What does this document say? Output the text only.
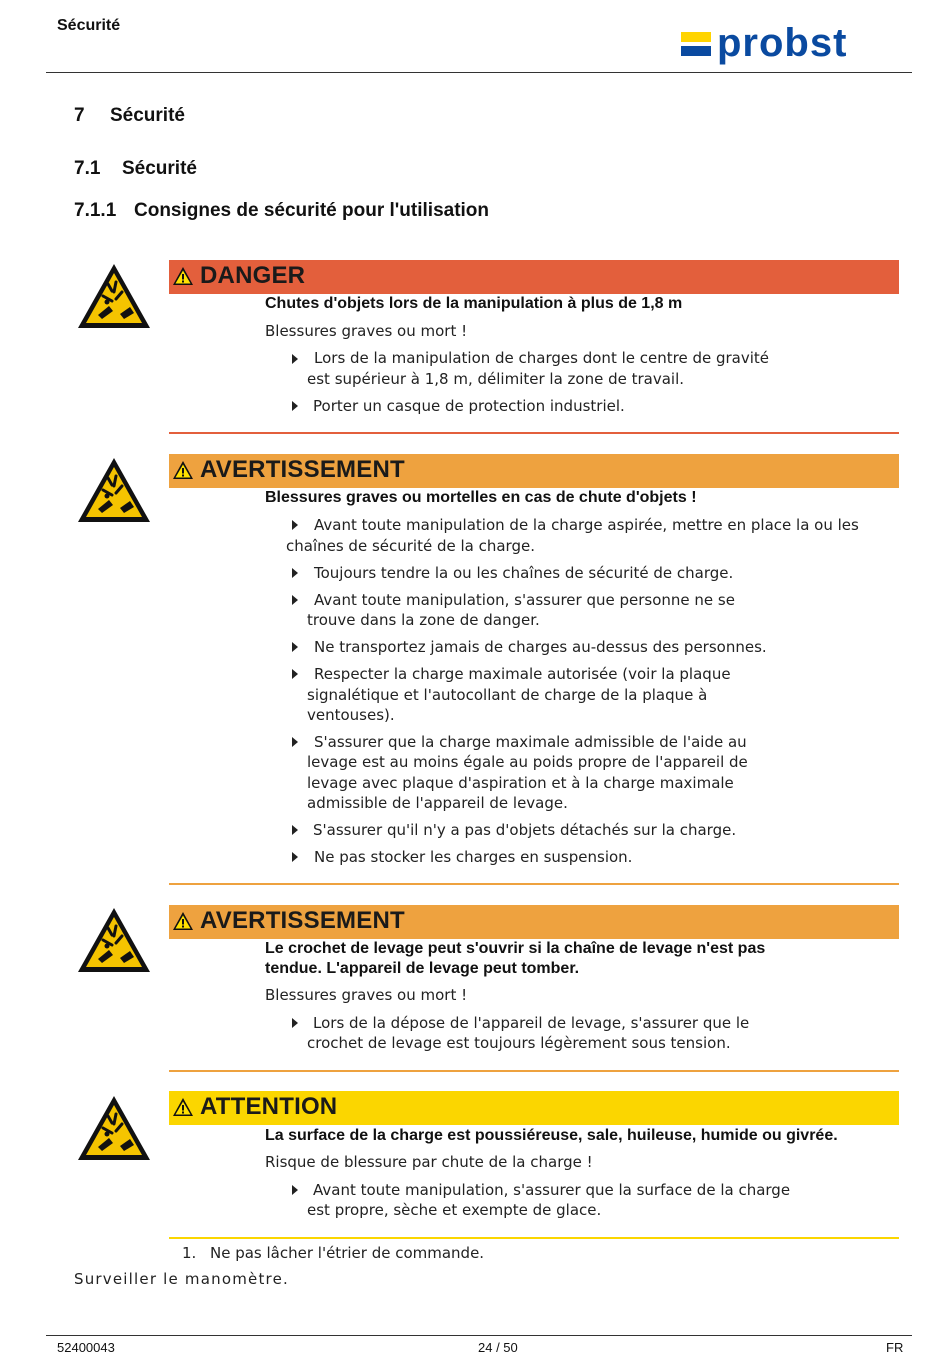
Sécurité	probst
7 Sécurité
7.1 Sécurité
7.1.1 Consignes de sécurité pour l'utilisation
DANGER
Chutes d'objets lors de la manipulation à plus de 1,8 m
Blessures graves ou mort !
Lors de la manipulation de charges dont le centre de gravité
est supérieur à 1,8 m, délimiter la zone de travail.
Porter un casque de protection industriel.
AVERTISSEMENT
Blessures graves ou mortelles en cas de chute d'objets !
Avant toute manipulation de la charge aspirée, mettre en place la ou les
chaînes de sécurité de la charge.
Toujours tendre la ou les chaînes de sécurité de charge.
Avant toute manipulation, s'assurer que personne ne se
trouve dans la zone de danger.
Ne transportez jamais de charges au-dessus des personnes.
Respecter la charge maximale autorisée (voir la plaque
signalétique et l'autocollant de charge de la plaque à
ventouses).
S'assurer que la charge maximale admissible de l'aide au
levage est au moins égale au poids propre de l'appareil de
levage avec plaque d'aspiration et à la charge maximale
admissible de l'appareil de levage.
S'assurer qu'il n'y a pas d'objets détachés sur la charge.
Ne pas stocker les charges en suspension.
AVERTISSEMENT
Le crochet de levage peut s'ouvrir si la chaîne de levage n'est pas tendue. L'appareil de levage peut tomber.
Blessures graves ou mort !
Lors de la dépose de l'appareil de levage, s'assurer que le
crochet de levage est toujours légèrement sous tension.
ATTENTION
La surface de la charge est poussiéreuse, sale, huileuse, humide ou givrée.
Risque de blessure par chute de la charge !
Avant toute manipulation, s'assurer que la surface de la charge
est propre, sèche et exempte de glace.
1. Ne pas lâcher l'étrier de commande.
Surveiller le manomètre.
52400043	24 / 50	FR
